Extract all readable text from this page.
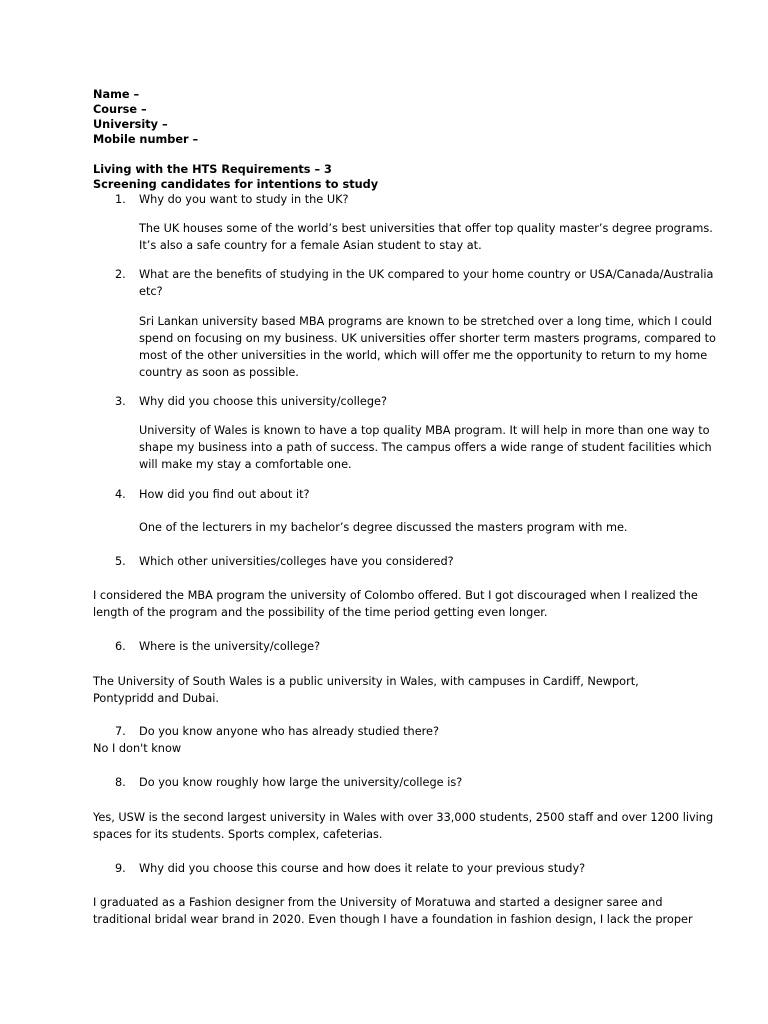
Name –
Course –
University –
Mobile number –
Living with the HTS Requirements – 3
Screening candidates for intentions to study
1. Why do you want to study in the UK?
The UK houses some of the world’s best universities that offer top quality master’s degree programs.
It’s also a safe country for a female Asian student to stay at.
2. What are the benefits of studying in the UK compared to your home country or USA/Canada/Australia
etc?
Sri Lankan university based MBA programs are known to be stretched over a long time, which I could
spend on focusing on my business. UK universities offer shorter term masters programs, compared to
most of the other universities in the world, which will offer me the opportunity to return to my home
country as soon as possible.
3. Why did you choose this university/college?
University of Wales is known to have a top quality MBA program. It will help in more than one way to
shape my business into a path of success. The campus offers a wide range of student facilities which
will make my stay a comfortable one.
4. How did you find out about it?
One of the lecturers in my bachelor’s degree discussed the masters program with me.
5. Which other universities/colleges have you considered?
I considered the MBA program the university of Colombo offered. But I got discouraged when I realized the
length of the program and the possibility of the time period getting even longer.
6. Where is the university/college?
The University of South Wales is a public university in Wales, with campuses in Cardiff, Newport,
Pontypridd and Dubai.
7. Do you know anyone who has already studied there?
No I don't know
8. Do you know roughly how large the university/college is?
Yes, USW is the second largest university in Wales with over 33,000 students, 2500 staff and over 1200 living
spaces for its students. Sports complex, cafeterias.
9. Why did you choose this course and how does it relate to your previous study?
I graduated as a Fashion designer from the University of Moratuwa and started a designer saree and
traditional bridal wear brand in 2020. Even though I have a foundation in fashion design, I lack the proper
